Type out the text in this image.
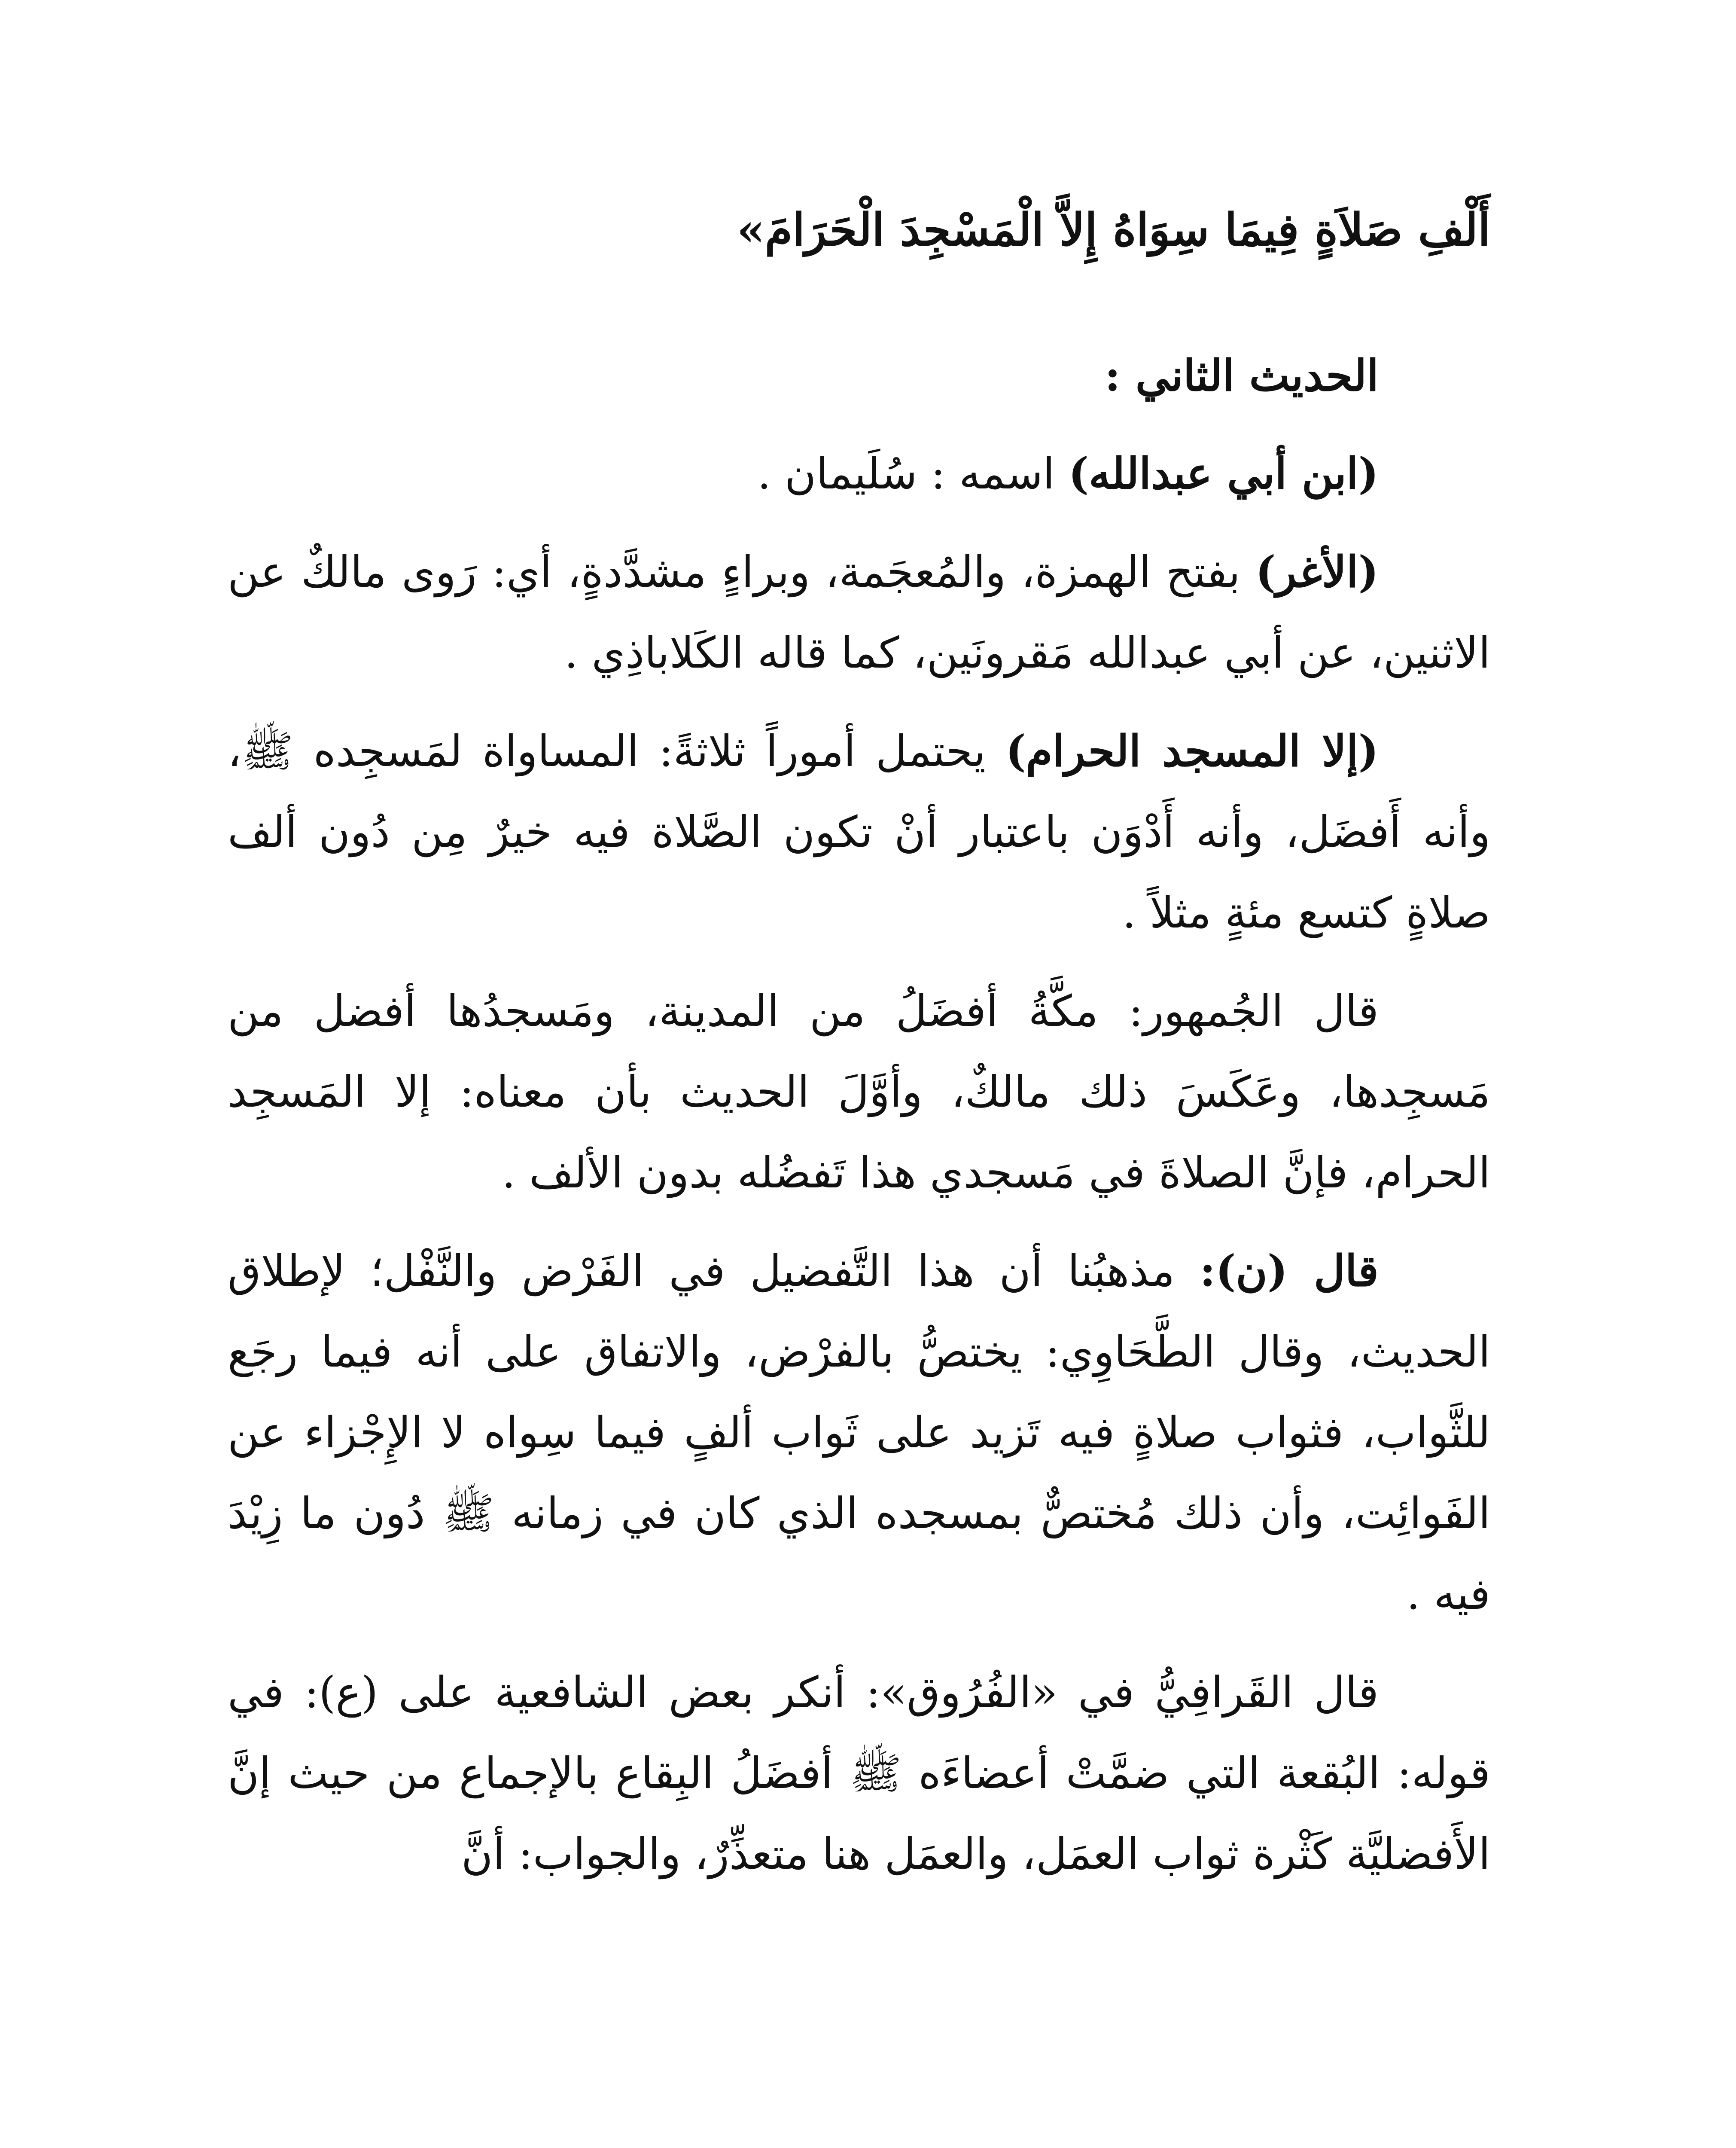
أَلْفِ صَلاَةٍ فِيمَا سِوَاهُ إِلاَّ الْمَسْجِدَ الْحَرَامَ»

الحديث الثاني :

(ابن أبي عبدالله) اسمه : سُلَيمان .

(الأغر) بفتح الهمزة، والمُعجَمة، وبراءٍ مشدَّدةٍ، أي: رَوى مالكٌ عن الاثنين، عن أبي عبدالله مَقرونَين، كما قاله الكَلاباذِي .

(إلا المسجد الحرام) يحتمل أموراً ثلاثةً: المساواة لمَسجِده ﷺ، وأنه أَفضَل، وأنه أَدْوَن باعتبار أنْ تكون الصَّلاة فيه خيرٌ مِن دُون ألف صلاةٍ كتسع مئةٍ مثلاً .

قال الجُمهور: مكَّةُ أفضَلُ من المدينة، ومَسجدُها أفضل من مَسجِدها، وعَكَسَ ذلك مالكٌ، وأوَّلَ الحديث بأن معناه: إلا المَسجِد الحرام، فإنَّ الصلاةَ في مَسجدي هذا تَفضُله بدون الألف .

قال (ن): مذهبُنا أن هذا التَّفضيل في الفَرْض والنَّفْل؛ لإطلاق الحديث، وقال الطَّحَاوِي: يختصُّ بالفرْض، والاتفاق على أنه فيما رجَع للثَّواب، فثواب صلاةٍ فيه تَزيد على ثَواب ألفٍ فيما سِواه لا الإِجْزاء عن الفَوائِت، وأن ذلك مُختصٌّ بمسجده الذي كان في زمانه ﷺ دُون ما زِيْدَ فيه .

قال القَرافِيُّ في «الفُرُوق»: أنكر بعض الشافعية على (ع): في قوله: البُقعة التي ضمَّتْ أعضاءَه ﷺ أفضَلُ البِقاع بالإجماع من حيث إنَّ الأَفضليَّة كَثْرة ثواب العمَل، والعمَل هنا متعذِّرٌ، والجواب: أنَّ
